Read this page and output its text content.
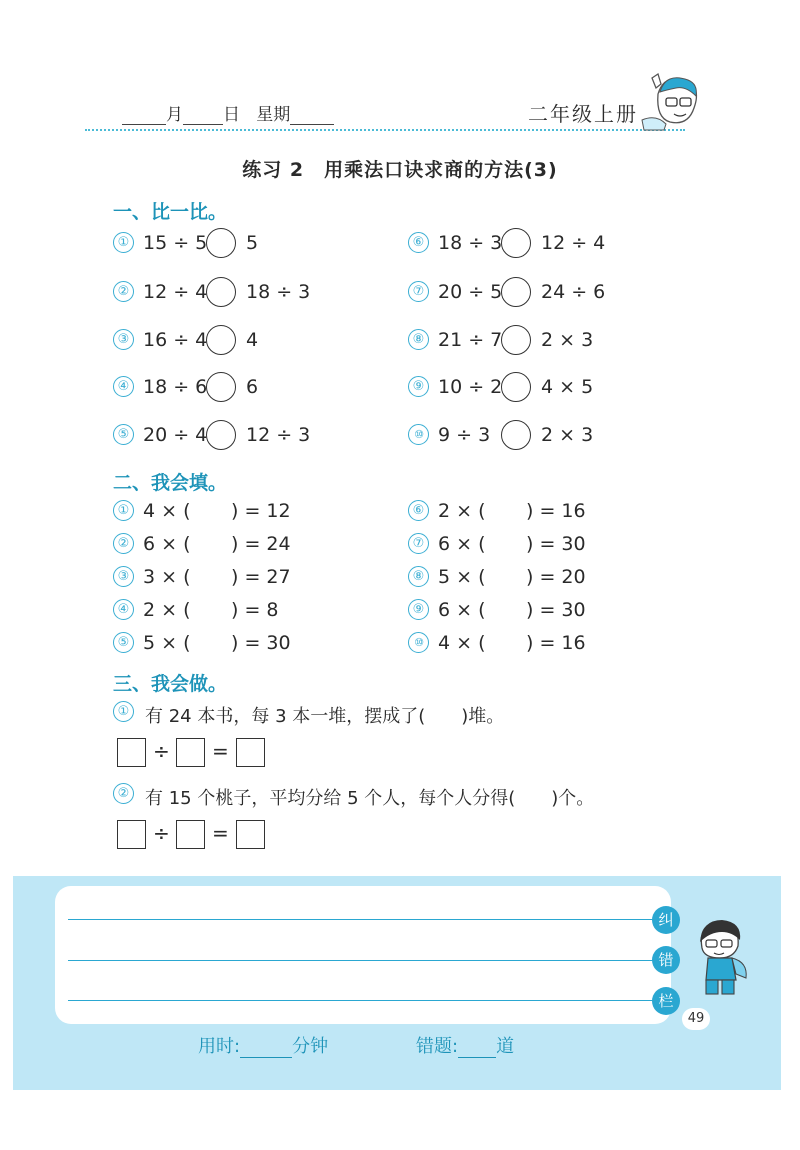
月 日 星期	二年级上册
练习 2　用乘法口诀求商的方法(3)
一、比一比。
① 15 ÷ 5 5
② 12 ÷ 4 18 ÷ 3
③ 16 ÷ 4 4
④ 18 ÷ 6 6
⑤ 20 ÷ 4 12 ÷ 3
⑥ 18 ÷ 3 12 ÷ 4
⑦ 20 ÷ 5 24 ÷ 6
⑧ 21 ÷ 7 2 × 3
⑨ 10 ÷ 2 4 × 5
⑩ 9 ÷ 3	2 × 3
二、我会填。
① 4 × ( ) = 12
② 6 × ( ) = 24
③ 3 × ( ) = 27
④ 2 × ( ) = 8
⑤ 5 × ( ) = 30
⑥ 2 × ( ) = 16
⑦ 6 × ( ) = 30
⑧ 5 × ( ) = 20
⑨ 6 × ( ) = 30
⑩ 4 × ( ) = 16
三、我会做。
① 有 24 本书，每 3 本一堆，摆成了(　　)堆。
÷ =
② 有 15 个桃子，平均分给 5 个人，每个人分得(　　)个。
÷ =
纠
错
栏
49
用时:	分钟	错题: 道
